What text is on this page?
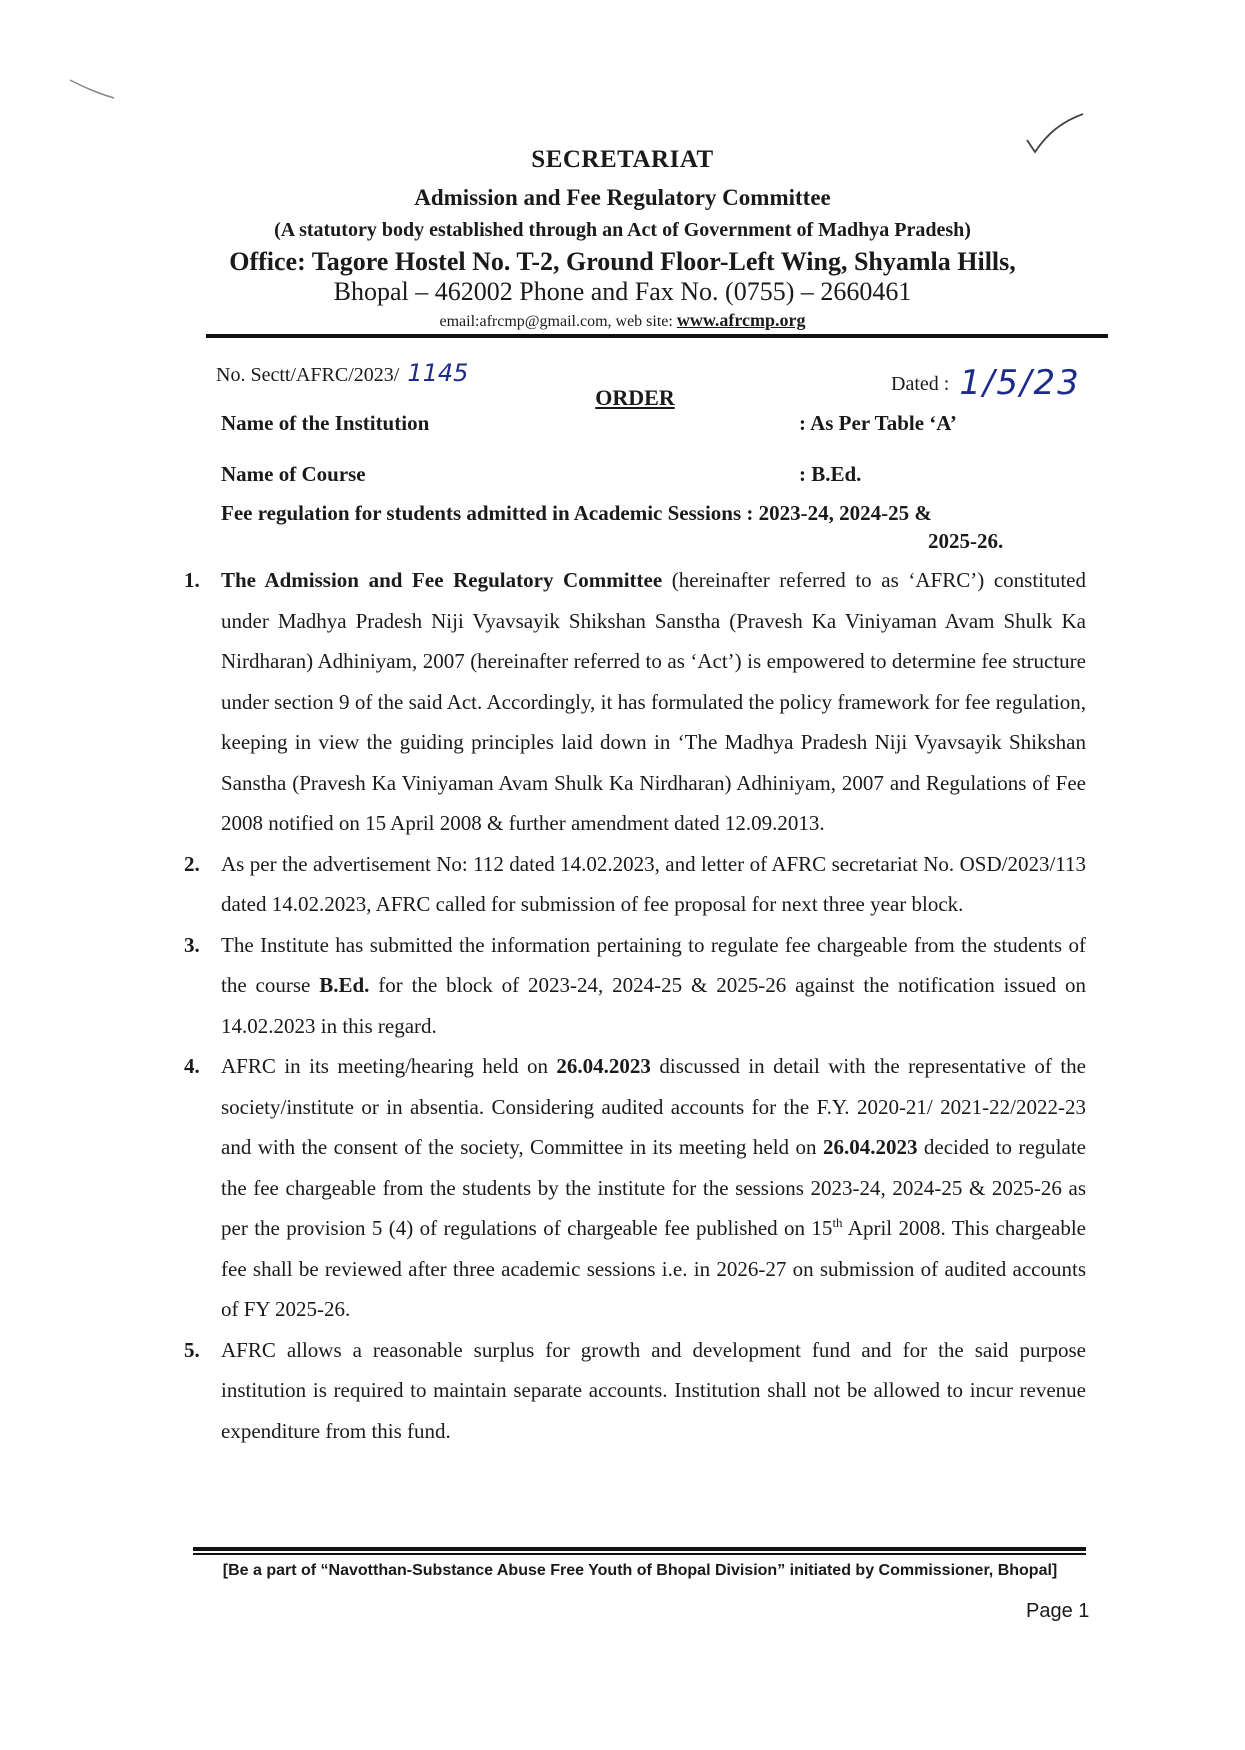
SECRETARIAT
Admission and Fee Regulatory Committee
(A statutory body established through an Act of Government of Madhya Pradesh)
Office: Tagore Hostel No. T-2, Ground Floor-Left Wing, Shyamla Hills,
Bhopal – 462002 Phone and Fax No. (0755) – 2660461
email:afrcmp@gmail.com, web site: www.afrcmp.org
No. Sectt/AFRC/2023/ 1145	Dated : 1/5/23
ORDER
Name of the Institution	: As Per Table ‘A’
Name of Course	: B.Ed.
Fee regulation for students admitted in Academic Sessions : 2023-24, 2024-25 &
2025-26.
1.	The Admission and Fee Regulatory Committee (hereinafter referred to as ‘AFRC’) constituted under Madhya Pradesh Niji Vyavsayik Shikshan Sanstha (Pravesh Ka Viniyaman Avam Shulk Ka Nirdharan) Adhiniyam, 2007 (hereinafter referred to as ‘Act’) is empowered to determine fee structure under section 9 of the said Act. Accordingly, it has formulated the policy framework for fee regulation, keeping in view the guiding principles laid down in ‘The Madhya Pradesh Niji Vyavsayik Shikshan Sanstha (Pravesh Ka Viniyaman Avam Shulk Ka Nirdharan) Adhiniyam, 2007 and Regulations of Fee 2008 notified on 15 April 2008 & further amendment dated 12.09.2013.
2.	As per the advertisement No: 112 dated 14.02.2023, and letter of AFRC secretariat No. OSD/2023/113 dated 14.02.2023, AFRC called for submission of fee proposal for next three year block.
3.	The Institute has submitted the information pertaining to regulate fee chargeable from the students of the course B.Ed. for the block of 2023-24, 2024-25 & 2025-26 against the notification issued on 14.02.2023 in this regard.
4.	AFRC in its meeting/hearing held on 26.04.2023 discussed in detail with the representative of the society/institute or in absentia. Considering audited accounts for the F.Y. 2020-21/ 2021-22/2022-23 and with the consent of the society, Committee in its meeting held on 26.04.2023 decided to regulate the fee chargeable from the students by the institute for the sessions 2023-24, 2024-25 & 2025-26 as per the provision 5 (4) of regulations of chargeable fee published on 15th April 2008. This chargeable fee shall be reviewed after three academic sessions i.e. in 2026-27 on submission of audited accounts of FY 2025-26.
5.	AFRC allows a reasonable surplus for growth and development fund and for the said purpose institution is required to maintain separate accounts. Institution shall not be allowed to incur revenue expenditure from this fund.
[Be a part of “Navotthan-Substance Abuse Free Youth of Bhopal Division” initiated by Commissioner, Bhopal]
Page 1
